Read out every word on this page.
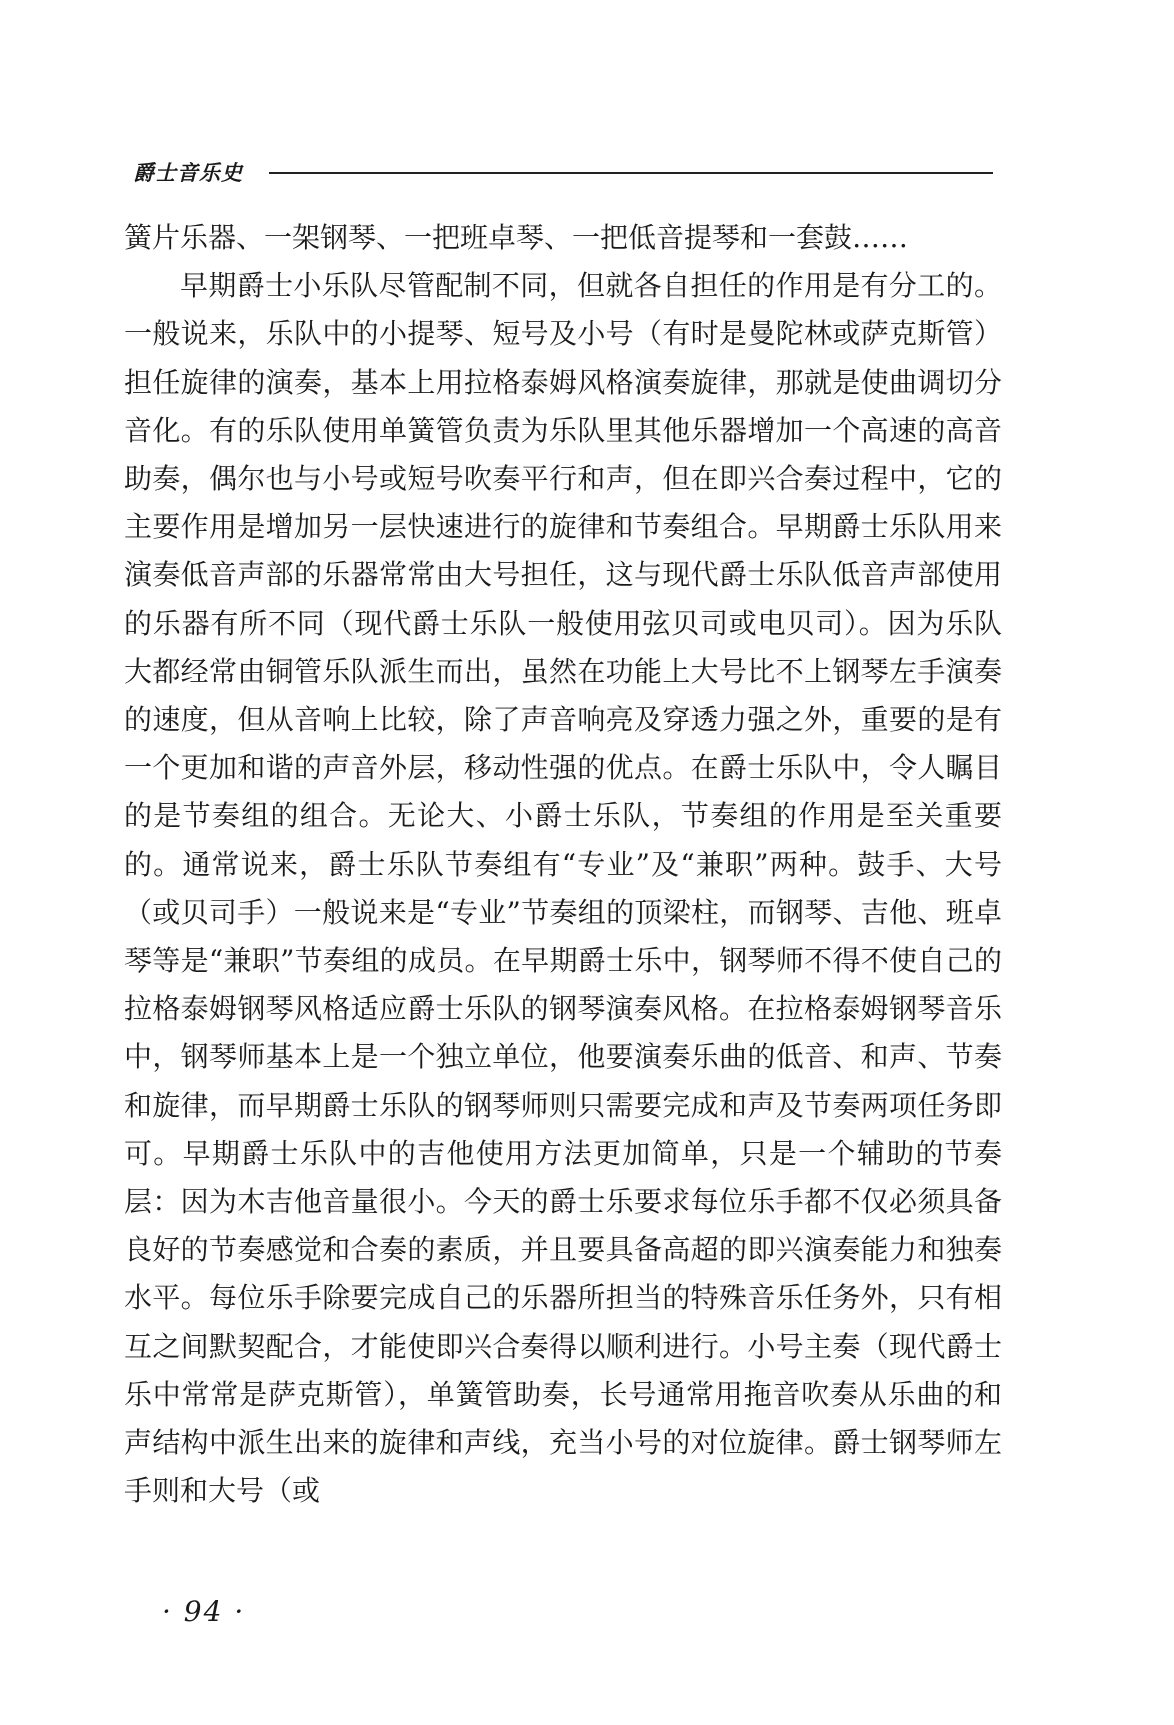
爵士音乐史

簧片乐器、一架钢琴、一把班卓琴、一把低音提琴和一套鼓……

早期爵士小乐队尽管配制不同，但就各自担任的作用是有分工的。一般说来，乐队中的小提琴、短号及小号（有时是曼陀林或萨克斯管）担任旋律的演奏，基本上用拉格泰姆风格演奏旋律，那就是使曲调切分音化。有的乐队使用单簧管负责为乐队里其他乐器增加一个高速的高音助奏，偶尔也与小号或短号吹奏平行和声，但在即兴合奏过程中，它的主要作用是增加另一层快速进行的旋律和节奏组合。早期爵士乐队用来演奏低音声部的乐器常常由大号担任，这与现代爵士乐队低音声部使用的乐器有所不同（现代爵士乐队一般使用弦贝司或电贝司）。因为乐队大都经常由铜管乐队派生而出，虽然在功能上大号比不上钢琴左手演奏的速度，但从音响上比较，除了声音响亮及穿透力强之外，重要的是有一个更加和谐的声音外层，移动性强的优点。在爵士乐队中，令人瞩目的是节奏组的组合。无论大、小爵士乐队，节奏组的作用是至关重要的。通常说来，爵士乐队节奏组有“专业”及“兼职”两种。鼓手、大号（或贝司手）一般说来是“专业”节奏组的顶梁柱，而钢琴、吉他、班卓琴等是“兼职”节奏组的成员。在早期爵士乐中，钢琴师不得不使自己的拉格泰姆钢琴风格适应爵士乐队的钢琴演奏风格。在拉格泰姆钢琴音乐中，钢琴师基本上是一个独立单位，他要演奏乐曲的低音、和声、节奏和旋律，而早期爵士乐队的钢琴师则只需要完成和声及节奏两项任务即可。早期爵士乐队中的吉他使用方法更加简单，只是一个辅助的节奏层：因为木吉他音量很小。今天的爵士乐要求每位乐手都不仅必须具备良好的节奏感觉和合奏的素质，并且要具备高超的即兴演奏能力和独奏水平。每位乐手除要完成自己的乐器所担当的特殊音乐任务外，只有相互之间默契配合，才能使即兴合奏得以顺利进行。小号主奏（现代爵士乐中常常是萨克斯管），单簧管助奏，长号通常用拖音吹奏从乐曲的和声结构中派生出来的旋律和声线，充当小号的对位旋律。爵士钢琴师左手则和大号（或

· 94 ·
